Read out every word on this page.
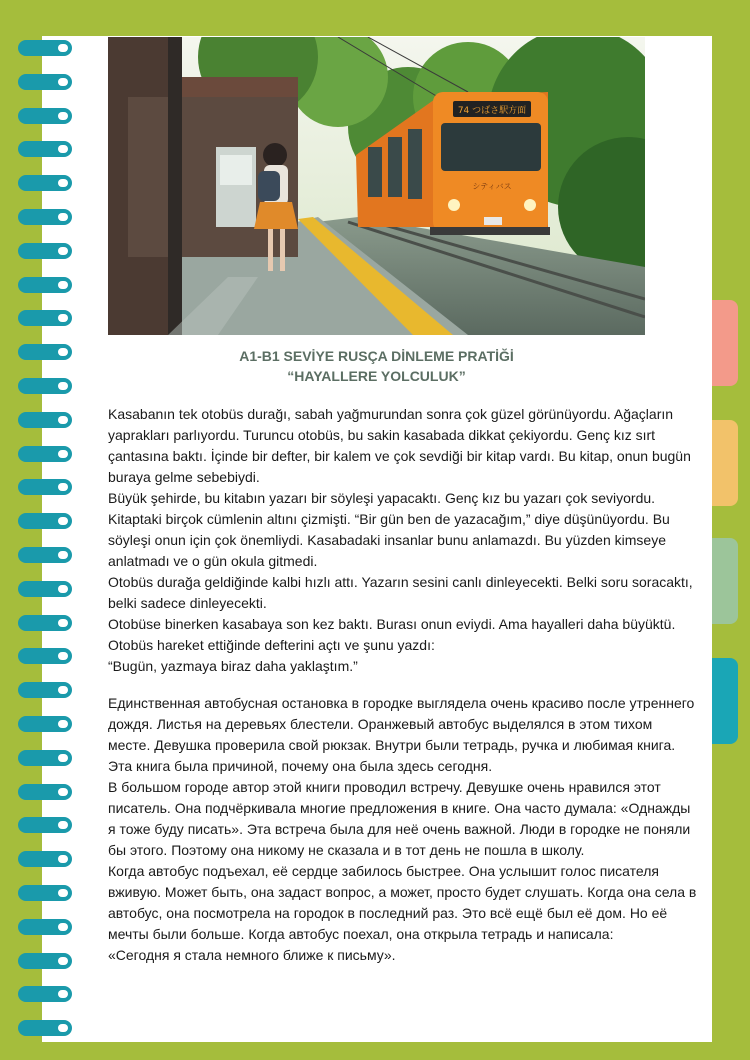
74 つばさ駅方面
シティバス
A1-B1 SEVİYE RUSÇA DİNLEME PRATİĞİ
“HAYALLERE YOLCULUK”

Kasabanın tek otobüs durağı, sabah yağmurundan sonra çok güzel görünüyordu. Ağaçların yaprakları parlıyordu. Turuncu otobüs, bu sakin kasabada dikkat çekiyordu. Genç kız sırt çantasına baktı. İçinde bir defter, bir kalem ve çok sevdiği bir kitap vardı. Bu kitap, onun bugün buraya gelme sebebiydi.

Büyük şehirde, bu kitabın yazarı bir söyleşi yapacaktı. Genç kız bu yazarı çok seviyordu. Kitaptaki birçok cümlenin altını çizmişti. “Bir gün ben de yazacağım,” diye düşünüyordu. Bu söyleşi onun için çok önemliydi. Kasabadaki insanlar bunu anlamazdı. Bu yüzden kimseye anlatmadı ve o gün okula gitmedi.

Otobüs durağa geldiğinde kalbi hızlı attı. Yazarın sesini canlı dinleyecekti. Belki soru soracaktı, belki sadece dinleyecekti.

Otobüse binerken kasabaya son kez baktı. Burası onun eviydi. Ama hayalleri daha büyüktü. Otobüs hareket ettiğinde defterini açtı ve şunu yazdı:

“Bugün, yazmaya biraz daha yaklaştım.”

Единственная автобусная остановка в городке выглядела очень красиво после утреннего дождя. Листья на деревьях блестели. Оранжевый автобус выделялся в этом тихом месте. Девушка проверила свой рюкзак. Внутри были тетрадь, ручка и любимая книга.

Эта книга была причиной, почему она была здесь сегодня.

В большом городе автор этой книги проводил встречу. Девушке очень нравился этот писатель. Она подчёркивала многие предложения в книге. Она часто думала: «Однажды я тоже буду писать». Эта встреча была для неё очень важной. Люди в городке не поняли бы этого. Поэтому она никому не сказала и в тот день не пошла в школу.

Когда автобус подъехал, её сердце забилось быстрее. Она услышит голос писателя вживую. Может быть, она задаст вопрос, а может, просто будет слушать. Когда она села в автобус, она посмотрела на городок в последний раз. Это всё ещё был её дом. Но её мечты были больше. Когда автобус поехал, она открыла тетрадь и написала:

«Сегодня я стала немного ближе к письму».
